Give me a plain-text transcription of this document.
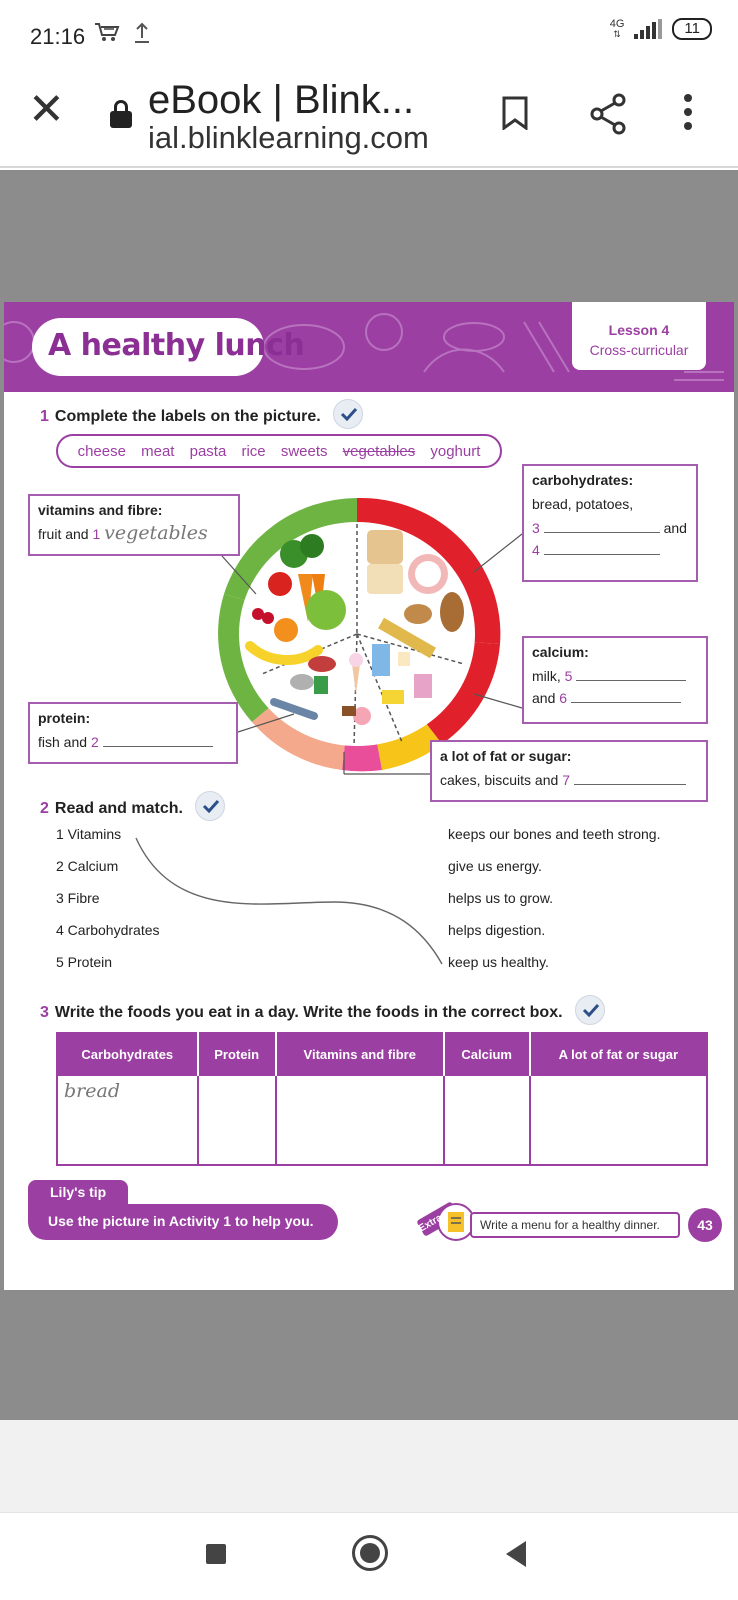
21:16	4G
⇅	11
✕ eBook | Blink...
ial.blinklearning.com
A healthy lunch	Lesson 4
Cross-curricular
1 Complete the labels on the picture.
cheese meat pasta rice sweets vegetables yoghurt
vitamins and fibre:
fruit and 1 vegetables
carbohydrates:
bread, potatoes,
3	and
4
calcium:
milk, 5
and 6
protein:
fish and 2
a lot of fat or sugar:
cakes, biscuits and 7
2 Read and match.
1 Vitamins
2 Calcium
3 Fibre
4 Carbohydrates
5 Protein
keeps our bones and teeth strong.
give us energy.
helps us to grow.
helps digestion.
keep us healthy.
3 Write the foods you eat in a day. Write the foods in the correct box.
Carbohydrates	Protein	Vitamins and fibre	Calcium	A lot of fat or sugar
bread				
Lily's tip
Use the picture in Activity 1 to help you.	Extra	Write a menu for a healthy dinner.	43
